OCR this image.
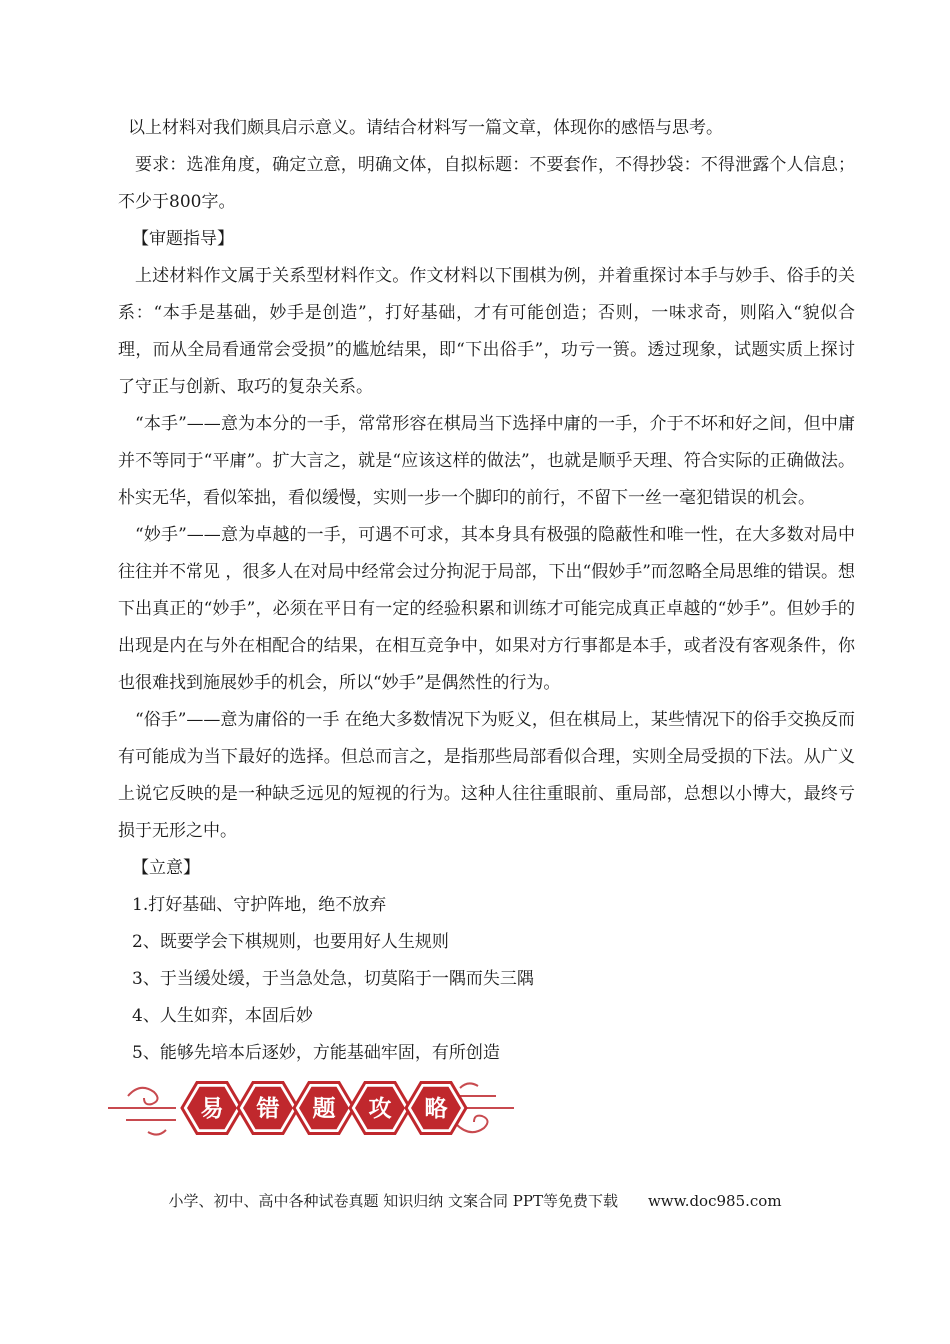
以上材料对我们颇具启示意义。请结合材料写一篇文章，体现你的感悟与思考。

要求：选准角度，确定立意，明确文体，自拟标题：不要套作，不得抄袋：不得泄露个人信息；不少于800字。

【审题指导】

上述材料作文属于关系型材料作文。作文材料以下围棋为例，并着重探讨本手与妙手、俗手的关系：“本手是基础，妙手是创造”，打好基础，才有可能创造；否则，一味求奇，则陷入“貌似合理，而从全局看通常会受损”的尴尬结果，即“下出俗手”，功亏一篑。透过现象，试题实质上探讨了守正与创新、取巧的复杂关系。

“本手”——意为本分的一手，常常形容在棋局当下选择中庸的一手，介于不坏和好之间，但中庸并不等同于“平庸”。扩大言之，就是“应该这样的做法”，也就是顺乎天理、符合实际的正确做法。朴实无华，看似笨拙，看似缓慢，实则一步一个脚印的前行，不留下一丝一毫犯错误的机会。

“妙手”——意为卓越的一手，可遇不可求，其本身具有极强的隐蔽性和唯一性，在大多数对局中往往并不常见 ，很多人在对局中经常会过分拘泥于局部，下出“假妙手”而忽略全局思维的错误。想下出真正的“妙手”，必须在平日有一定的经验积累和训练才可能完成真正卓越的“妙手”。但妙手的出现是内在与外在相配合的结果，在相互竞争中，如果对方行事都是本手，或者没有客观条件，你也很难找到施展妙手的机会，所以“妙手”是偶然性的行为。

“俗手”——意为庸俗的一手 在绝大多数情况下为贬义，但在棋局上，某些情况下的俗手交换反而有可能成为当下最好的选择。但总而言之，是指那些局部看似合理，实则全局受损的下法。从广义上说它反映的是一种缺乏远见的短视的行为。这种人往往重眼前、重局部，总想以小博大，最终亏损于无形之中。

【立意】

1.打好基础、守护阵地，绝不放弃

2、既要学会下棋规则，也要用好人生规则

3、于当缓处缓，于当急处急，切莫陷于一隅而失三隅

4、人生如弈，本固后妙

5、能够先培本后逐妙，方能基础牢固，有所创造

易 错 题 攻 略
小学、初中、高中各种试卷真题 知识归纳 文案合同 PPT等免费下载 www.doc985.com
